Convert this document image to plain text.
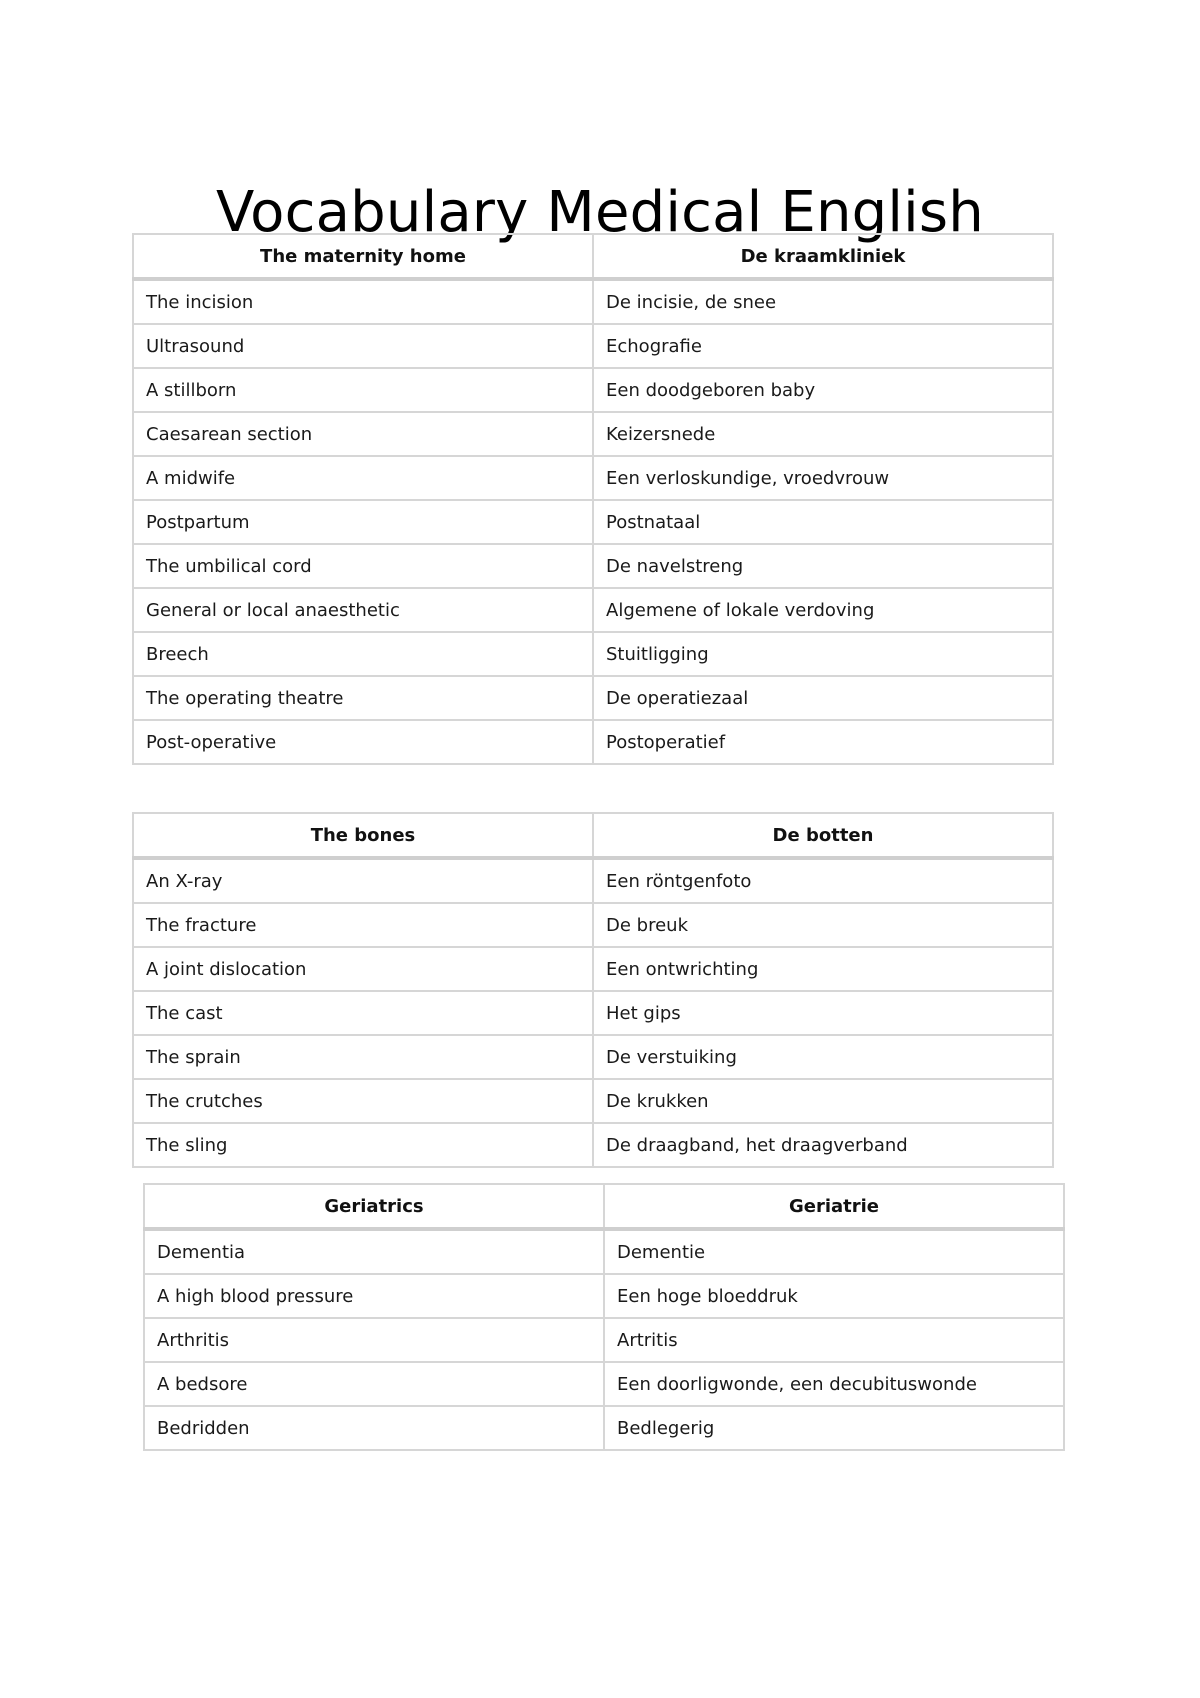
Vocabulary Medical English
The maternity home	De kraamkliniek
The incision	De incisie, de snee
Ultrasound	Echografie
A stillborn	Een doodgeboren baby
Caesarean section	Keizersnede
A midwife	Een verloskundige, vroedvrouw
Postpartum	Postnataal
The umbilical cord	De navelstreng
General or local anaesthetic	Algemene of lokale verdoving
Breech	Stuitligging
The operating theatre	De operatiezaal
Post-operative	Postoperatief
The bones	De botten
An X-ray	Een röntgenfoto
The fracture	De breuk
A joint dislocation	Een ontwrichting
The cast	Het gips
The sprain	De verstuiking
The crutches	De krukken
The sling	De draagband, het draagverband
Geriatrics	Geriatrie
Dementia	Dementie
A high blood pressure	Een hoge bloeddruk
Arthritis	Artritis
A bedsore	Een doorligwonde, een decubituswonde
Bedridden	Bedlegerig
